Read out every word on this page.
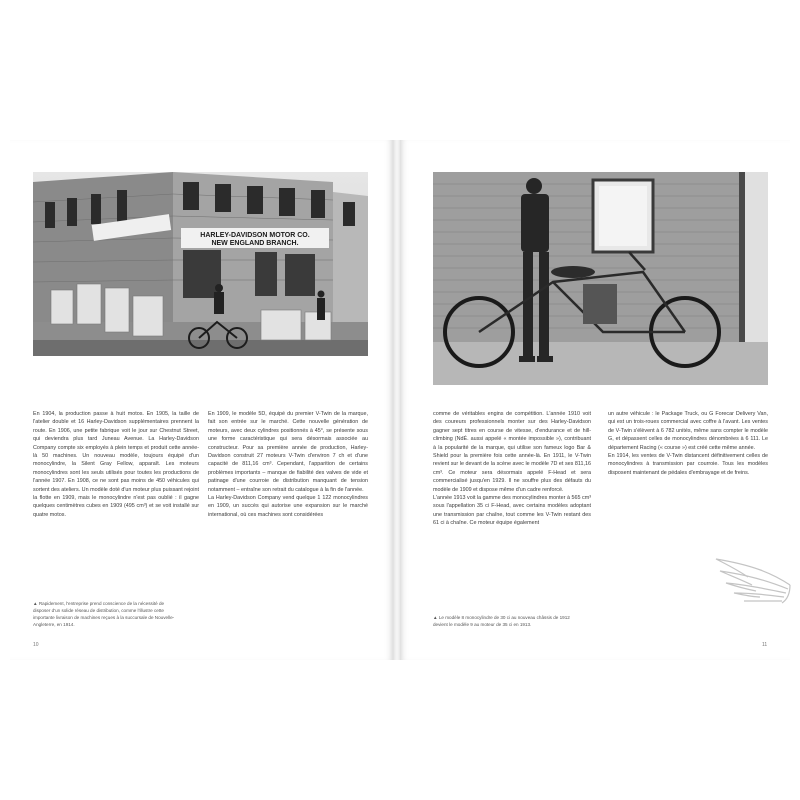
HARLEY-DAVIDSON MOTOR CO.
NEW ENGLAND BRANCH.

En 1904, la production passe à huit motos. En 1905, la taille de l'atelier double et 16 Harley-Davidson supplémentaires prennent la route. En 1906, une petite fabrique voit le jour sur Chestnut Street, qui deviendra plus tard Juneau Avenue. La Harley-Davidson Company compte six employés à plein temps et produit cette année-là 50 machines. Un nouveau modèle, toujours équipé d'un monocylindre, la Silent Gray Fellow, apparaît. Les moteurs monocylindres sont les seuls utilisés pour toutes les productions de l'année 1907. En 1908, ce ne sont pas moins de 450 véhicules qui sortent des ateliers. Un modèle doté d'un moteur plus puissant rejoint la flotte en 1909, mais le monocylindre n'est pas oublié : il gagne quelques centimètres cubes en 1909 (495 cm³) et se voit installé sur quatre motos.

En 1909, le modèle 5D, équipé du premier V-Twin de la marque, fait son entrée sur le marché. Cette nouvelle génération de moteurs, avec deux cylindres positionnés à 45°, se présente sous une forme caractéristique qui sera désormais associée au constructeur. Pour sa première année de production, Harley-Davidson construit 27 moteurs V-Twin d'environ 7 ch et d'une capacité de 811,16 cm³. Cependant, l'apparition de certains problèmes importants – manque de fiabilité des valves de vide et patinage d'une courroie de distribution manquant de tension notamment – entraîne son retrait du catalogue à la fin de l'année.

La Harley-Davidson Company vend quelque 1 122 monocylindres en 1909, un succès qui autorise une expansion sur le marché international, où ces machines sont considérées

▲ Rapidement, l'entreprise prend conscience de la nécessité de disposer d'un solide réseau de distribution, comme l'illustre cette importante livraison de machines reçues à la succursale de Nouvelle-Angleterre, en 1914.
10

comme de véritables engins de compétition. L'année 1910 voit des coureurs professionnels monter sur des Harley-Davidson gagner sept titres en course de vitesse, d'endurance et de hill-climbing (NdÉ. aussi appelé « montée impossible »), contribuant à la popularité de la marque, qui utilise son fameux logo Bar & Shield pour la première fois cette année-là. En 1911, le V-Twin revient sur le devant de la scène avec le modèle 7D et ses 811,16 cm³. Ce moteur sera désormais appelé F-Head et sera commercialisé jusqu'en 1929. Il ne souffre plus des défauts du modèle de 1909 et dispose même d'un cadre renforcé.

L'année 1913 voit la gamme des monocylindres monter à 565 cm³ sous l'appellation 35 ci F-Head, avec certains modèles adoptant une transmission par chaîne, tout comme les V-Twin restant des 61 ci à chaîne. Ce moteur équipe également

un autre véhicule : le Package Truck, ou G Forecar Delivery Van, qui est un trois-roues commercial avec coffre à l'avant. Les ventes de V-Twin s'élèvent à 6 782 unités, même sans compter le modèle G, et dépassent celles de monocylindres dénombrées à 6 111. Le département Racing (« course ») est créé cette même année.

En 1914, les ventes de V-Twin distancent définitivement celles de monocylindres à transmission par courroie. Tous les modèles disposent maintenant de pédales d'embrayage et de freins.

▲ Le modèle 8 monocylindre de 30 ci au nouveau châssis de 1912 devient le modèle 9 au moteur de 35 ci en 1913.
11
